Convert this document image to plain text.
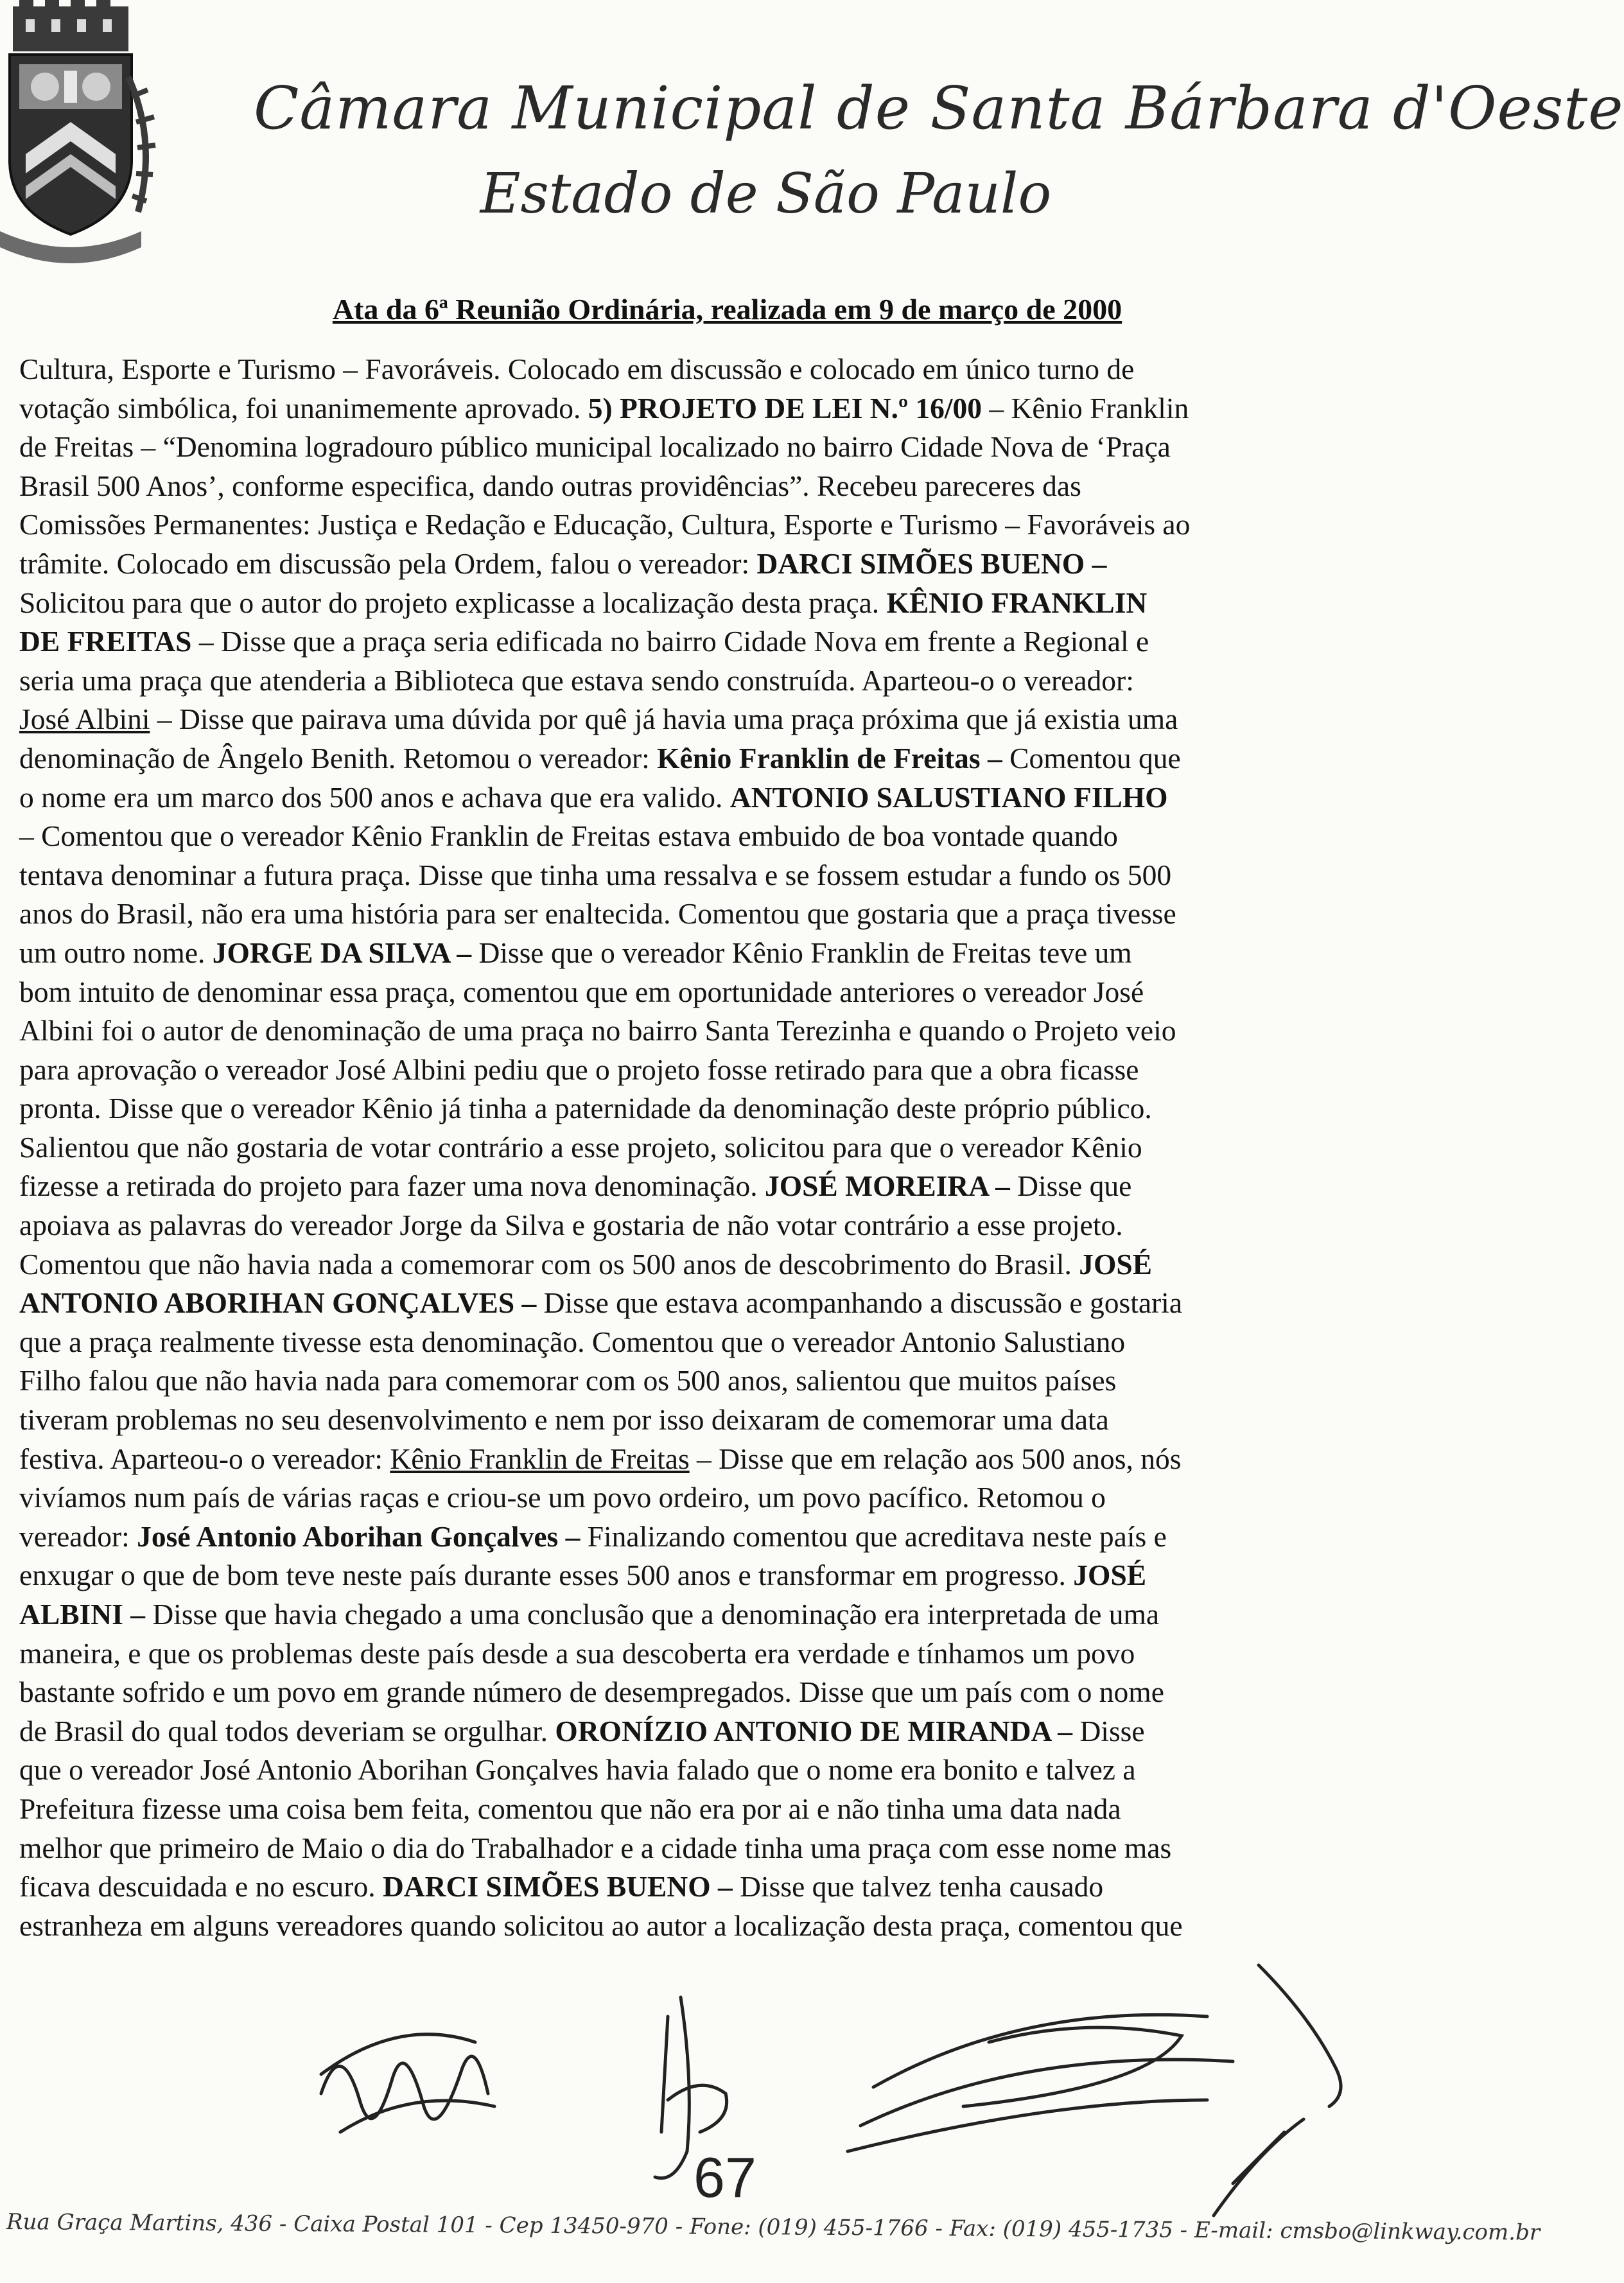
Câmara Municipal de Santa Bárbara d'Oeste
Estado de São Paulo
Ata da 6ª Reunião Ordinária, realizada em 9 de março de 2000
Cultura, Esporte e Turismo – Favoráveis. Colocado em discussão e colocado em único turno de
votação simbólica, foi unanimemente aprovado. 5) PROJETO DE LEI N.º 16/00 – Kênio Franklin
de Freitas – “Denomina logradouro público municipal localizado no bairro Cidade Nova de ‘Praça
Brasil 500 Anos’, conforme especifica, dando outras providências”. Recebeu pareceres das
Comissões Permanentes: Justiça e Redação e Educação, Cultura, Esporte e Turismo – Favoráveis ao
trâmite. Colocado em discussão pela Ordem, falou o vereador: DARCI SIMÕES BUENO –
Solicitou para que o autor do projeto explicasse a localização desta praça. KÊNIO FRANKLIN
DE FREITAS – Disse que a praça seria edificada no bairro Cidade Nova em frente a Regional e
seria uma praça que atenderia a Biblioteca que estava sendo construída. Aparteou-o o vereador:
José Albini – Disse que pairava uma dúvida por quê já havia uma praça próxima que já existia uma
denominação de Ângelo Benith. Retomou o vereador: Kênio Franklin de Freitas – Comentou que
o nome era um marco dos 500 anos e achava que era valido. ANTONIO SALUSTIANO FILHO
– Comentou que o vereador Kênio Franklin de Freitas estava embuido de boa vontade quando
tentava denominar a futura praça. Disse que tinha uma ressalva e se fossem estudar a fundo os 500
anos do Brasil, não era uma história para ser enaltecida. Comentou que gostaria que a praça tivesse
um outro nome. JORGE DA SILVA – Disse que o vereador Kênio Franklin de Freitas teve um
bom intuito de denominar essa praça, comentou que em oportunidade anteriores o vereador José
Albini foi o autor de denominação de uma praça no bairro Santa Terezinha e quando o Projeto veio
para aprovação o vereador José Albini pediu que o projeto fosse retirado para que a obra ficasse
pronta. Disse que o vereador Kênio já tinha a paternidade da denominação deste próprio público.
Salientou que não gostaria de votar contrário a esse projeto, solicitou para que o vereador Kênio
fizesse a retirada do projeto para fazer uma nova denominação. JOSÉ MOREIRA – Disse que
apoiava as palavras do vereador Jorge da Silva e gostaria de não votar contrário a esse projeto.
Comentou que não havia nada a comemorar com os 500 anos de descobrimento do Brasil. JOSÉ
ANTONIO ABORIHAN GONÇALVES – Disse que estava acompanhando a discussão e gostaria
que a praça realmente tivesse esta denominação. Comentou que o vereador Antonio Salustiano
Filho falou que não havia nada para comemorar com os 500 anos, salientou que muitos países
tiveram problemas no seu desenvolvimento e nem por isso deixaram de comemorar uma data
festiva. Aparteou-o o vereador: Kênio Franklin de Freitas – Disse que em relação aos 500 anos, nós
vivíamos num país de várias raças e criou-se um povo ordeiro, um povo pacífico. Retomou o
vereador: José Antonio Aborihan Gonçalves – Finalizando comentou que acreditava neste país e
enxugar o que de bom teve neste país durante esses 500 anos e transformar em progresso. JOSÉ
ALBINI – Disse que havia chegado a uma conclusão que a denominação era interpretada de uma
maneira, e que os problemas deste país desde a sua descoberta era verdade e tínhamos um povo
bastante sofrido e um povo em grande número de desempregados. Disse que um país com o nome
de Brasil do qual todos deveriam se orgulhar. ORONÍZIO ANTONIO DE MIRANDA – Disse
que o vereador José Antonio Aborihan Gonçalves havia falado que o nome era bonito e talvez a
Prefeitura fizesse uma coisa bem feita, comentou que não era por ai e não tinha uma data nada
melhor que primeiro de Maio o dia do Trabalhador e a cidade tinha uma praça com esse nome mas
ficava descuidada e no escuro. DARCI SIMÕES BUENO – Disse que talvez tenha causado
estranheza em alguns vereadores quando solicitou ao autor a localização desta praça, comentou que
67
Rua Graça Martins, 436 - Caixa Postal 101 - Cep 13450-970 - Fone: (019) 455-1766 - Fax: (019) 455-1735 - E-mail: cmsbo@linkway.com.br
